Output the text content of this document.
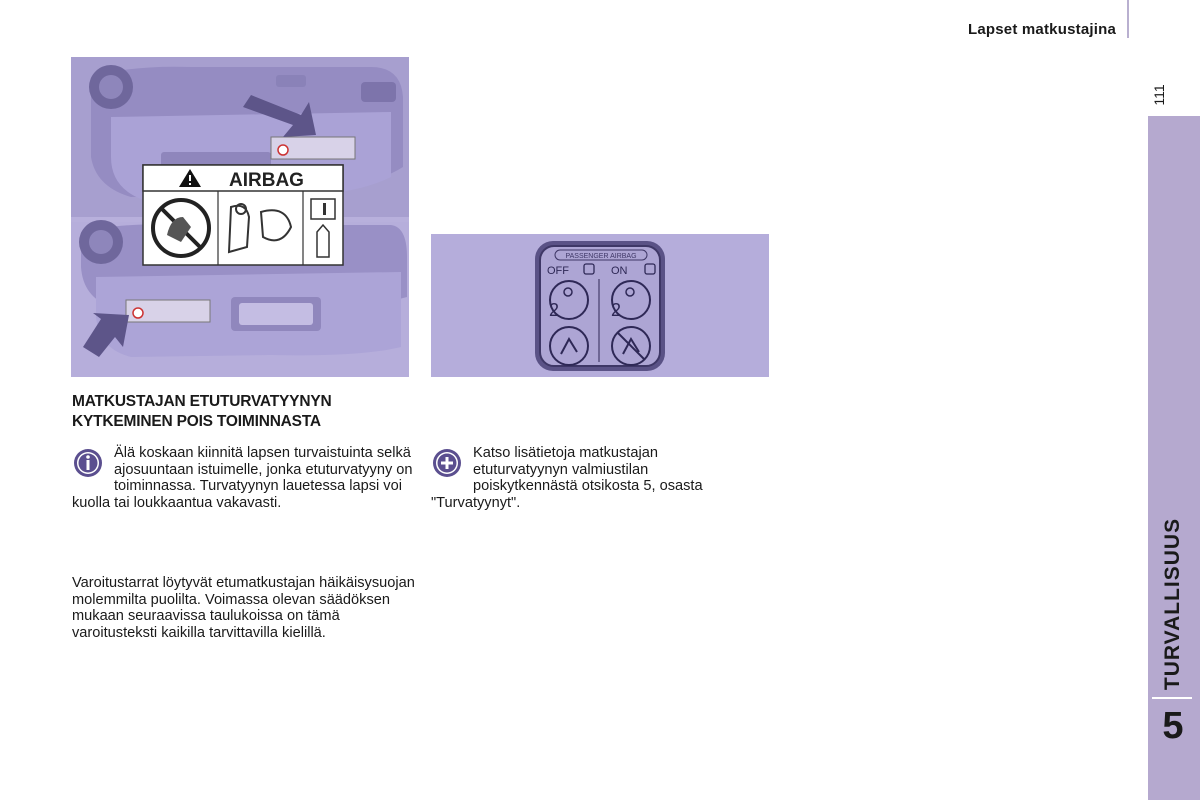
Lapset matkustajina
111
TURVALLISUUS
5
AIRBAG
PASSENGER AIRBAG
OFF	ON
2	2
MATKUSTAJAN ETUTURVATYYNYN KYTKEMINEN POIS TOIMINNASTA
Älä koskaan kiinnitä lapsen turvaistuinta selkä ajosuuntaan istuimelle, jonka etuturvatyyny on toiminnassa. Turvatyynyn lauetessa lapsi voi kuolla tai loukkaantua vakavasti.
Varoitustarrat löytyvät etumatkustajan häikäisysuojan molemmilta puolilta. Voimassa olevan säädöksen mukaan seuraavissa taulukoissa on tämä varoitusteksti kaikilla tarvittavilla kielillä.
Katso lisätietoja matkustajan etuturvatyynyn valmiustilan poiskytkennästä otsikosta 5, osasta "Turvatyynyt".
